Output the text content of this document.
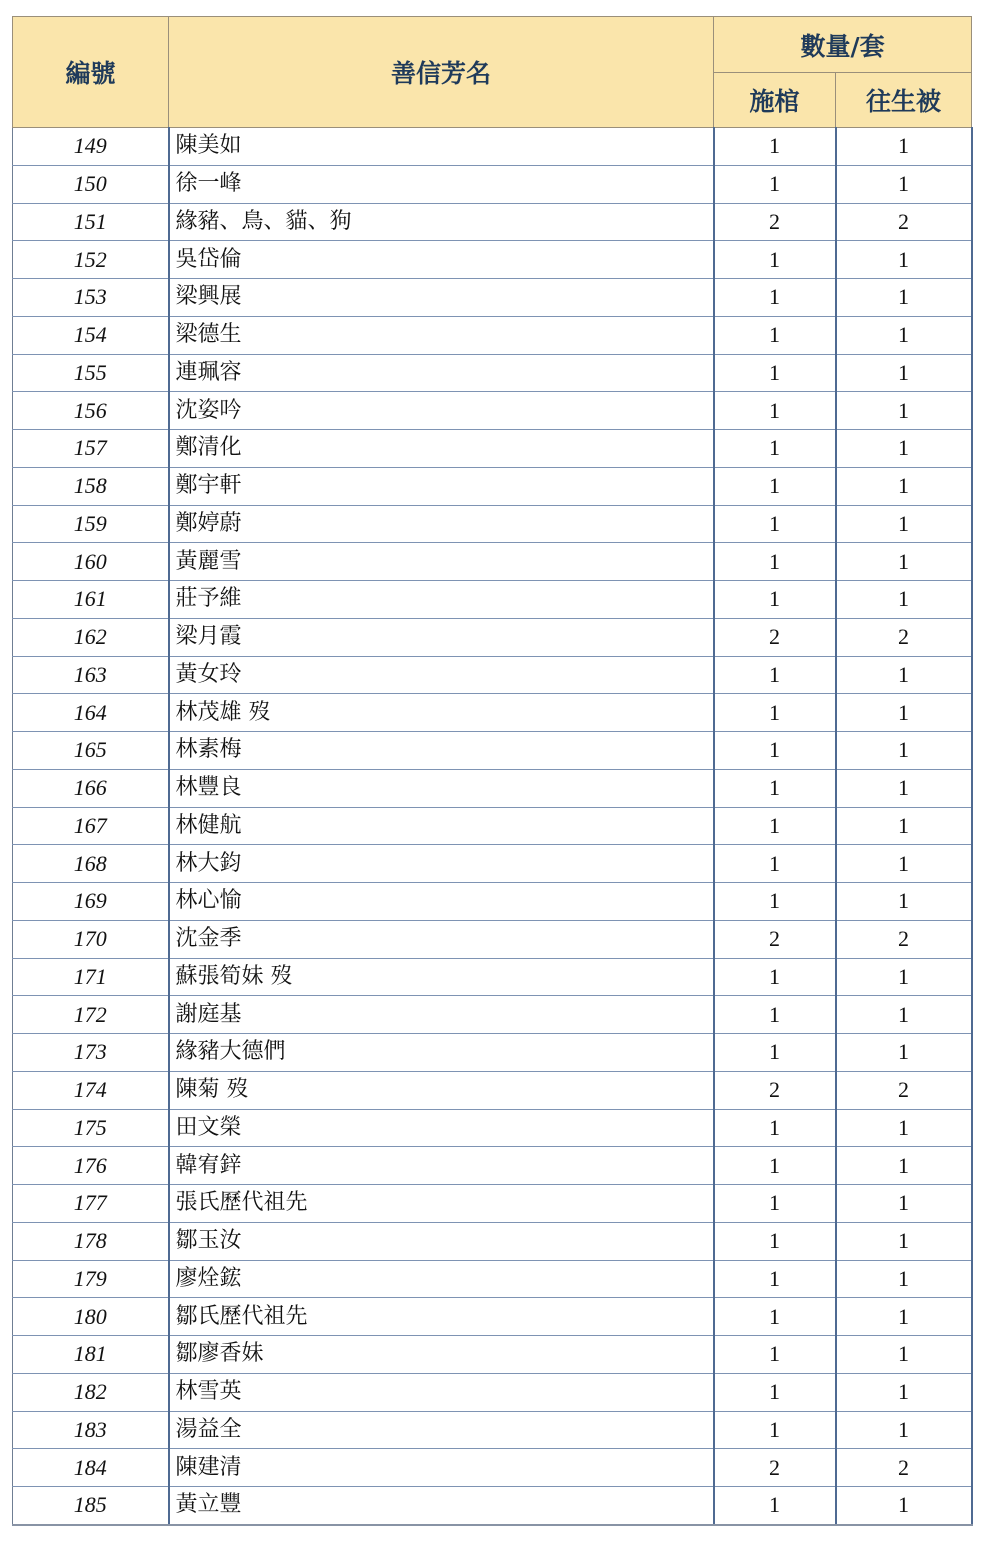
編號	善信芳名	數量/套	
		施棺	往生被
149	陳美如	1	1
150	徐一峰	1	1
151	緣豬、鳥、貓、狗	2	2
152	吳岱倫	1	1
153	梁興展	1	1
154	梁德生	1	1
155	連珮容	1	1
156	沈姿吟	1	1
157	鄭清化	1	1
158	鄭宇軒	1	1
159	鄭婷蔚	1	1
160	黃麗雪	1	1
161	莊予維	1	1
162	梁月霞	2	2
163	黃女玲	1	1
164	林茂雄 歿	1	1
165	林素梅	1	1
166	林豐良	1	1
167	林健航	1	1
168	林大鈞	1	1
169	林心愉	1	1
170	沈金季	2	2
171	蘇張筍妹 歿	1	1
172	謝庭基	1	1
173	緣豬大德們	1	1
174	陳菊 歿	2	2
175	田文榮	1	1
176	韓宥鋅	1	1
177	張氏歷代祖先	1	1
178	鄒玉汝	1	1
179	廖烇鋐	1	1
180	鄒氏歷代祖先	1	1
181	鄒廖香妹	1	1
182	林雪英	1	1
183	湯益全	1	1
184	陳建清	2	2
185	黃立豐	1	1
